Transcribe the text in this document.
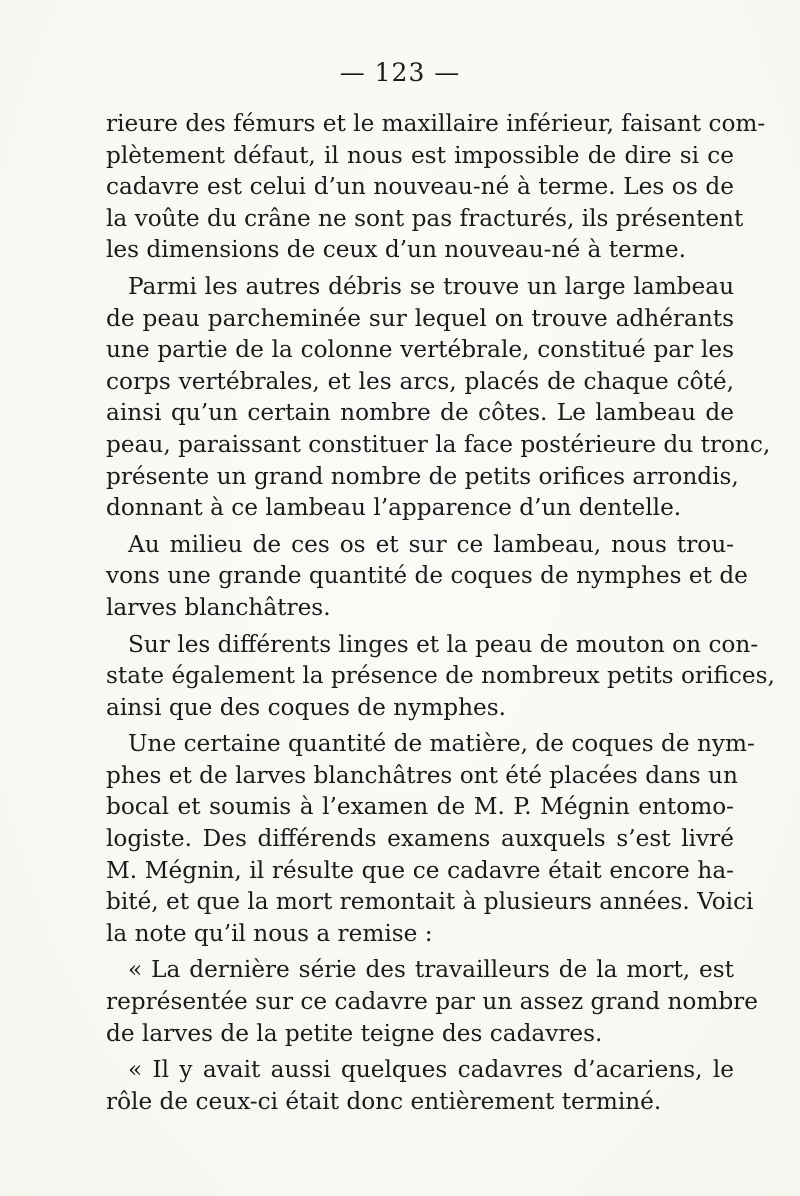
— 123 —
rieure des fémurs et le maxillaire inférieur, faisant com-
plètement défaut, il nous est impossible de dire si ce
cadavre est celui d’un nouveau-né à terme. Les os de
la voûte du crâne ne sont pas fracturés, ils présentent
les dimensions de ceux d’un nouveau-né à terme.
Parmi les autres débris se trouve un large lambeau
de peau parcheminée sur lequel on trouve adhérants
une partie de la colonne vertébrale, constitué par les
corps vertébrales, et les arcs, placés de chaque côté,
ainsi qu’un certain nombre de côtes. Le lambeau de
peau, paraissant constituer la face postérieure du tronc,
présente un grand nombre de petits orifices arrondis,
donnant à ce lambeau l’apparence d’un dentelle.
Au milieu de ces os et sur ce lambeau, nous trou-
vons une grande quantité de coques de nymphes et de
larves blanchâtres.
Sur les différents linges et la peau de mouton on con-
state également la présence de nombreux petits orifices,
ainsi que des coques de nymphes.
Une certaine quantité de matière, de coques de nym-
phes et de larves blanchâtres ont été placées dans un
bocal et soumis à l’examen de M. P. Mégnin entomo-
logiste. Des différends examens auxquels s’est livré
M. Mégnin, il résulte que ce cadavre était encore ha-
bité, et que la mort remontait à plusieurs années. Voici
la note qu’il nous a remise :
« La dernière série des travailleurs de la mort, est
représentée sur ce cadavre par un assez grand nombre
de larves de la petite teigne des cadavres.
« Il y avait aussi quelques cadavres d’acariens, le
rôle de ceux-ci était donc entièrement terminé.
